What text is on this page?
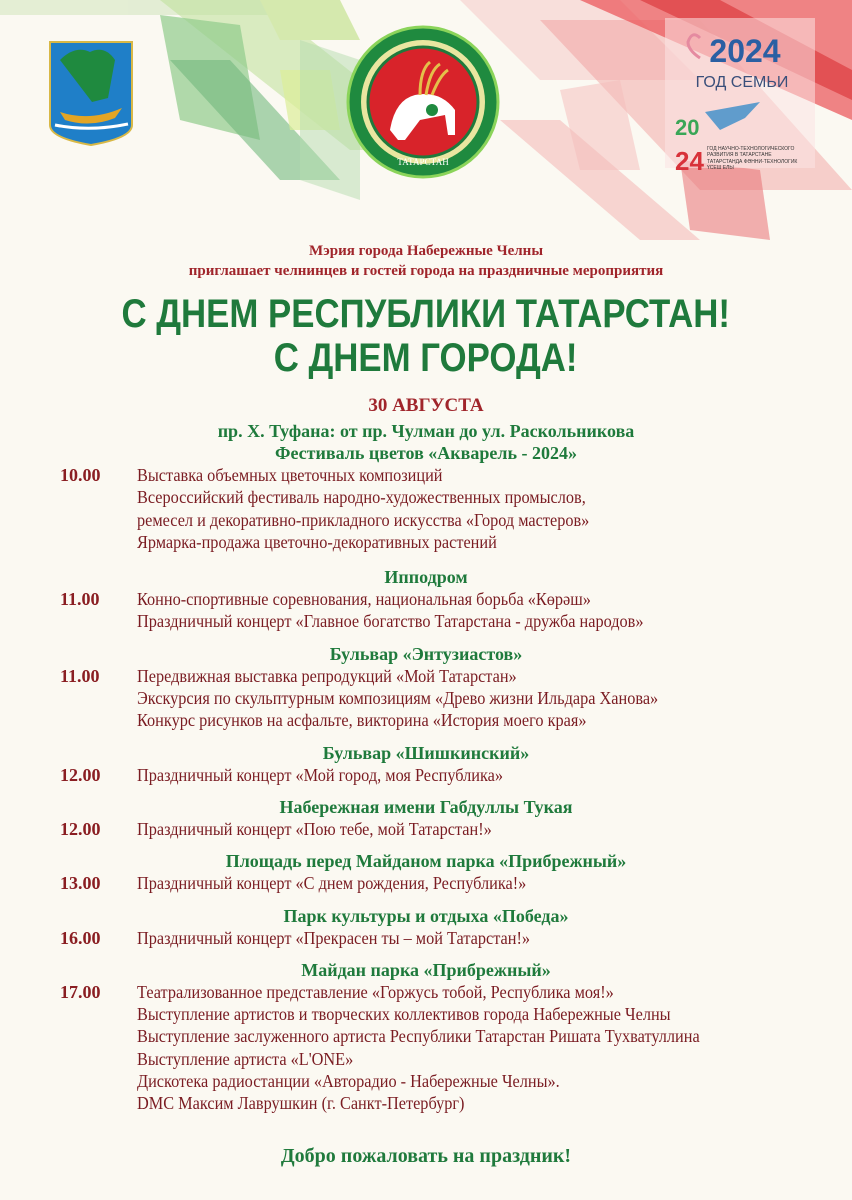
ТАТАРСТАН
2024
ГОД СЕМЬИ
20
24 ГОД НАУЧНО-ТЕХНОЛОГИЧЕСКОГО
РАЗВИТИЯ В ТАТАРСТАНЕ
ТАТАРСТАНДА ФӘННИ-ТЕХНОЛОГИК
ҮСЕШ ЕЛЫ
Мэрия города Набережные Челны
приглашает челнинцев и гостей города на праздничные мероприятия
С ДНЕМ РЕСПУБЛИКИ ТАТАРСТАН!
С ДНЕМ ГОРОДА!
30 АВГУСТА
пр. Х. Туфана: от пр. Чулман до ул. Раскольникова
Фестиваль цветов «Акварель - 2024»
10.00 Выставка объемных цветочных композиций
Всероссийский фестиваль народно-художественных промыслов,
ремесел и декоративно-прикладного искусства «Город мастеров»
Ярмарка-продажа цветочно-декоративных растений
Ипподром
11.00 Конно-спортивные соревнования, национальная борьба «Көрәш»
Праздничный концерт «Главное богатство Татарстана - дружба народов»
Бульвар «Энтузиастов»
11.00 Передвижная выставка репродукций «Мой Татарстан»
Экскурсия по скульптурным композициям «Древо жизни Ильдара Ханова»
Конкурс рисунков на асфальте, викторина «История моего края»
Бульвар «Шишкинский»
12.00 Праздничный концерт «Мой город, моя Республика»
Набережная имени Габдуллы Тукая
12.00 Праздничный концерт «Пою тебе, мой Татарстан!»
Площадь перед Майданом парка «Прибрежный»
13.00 Праздничный концерт «С днем рождения, Республика!»
Парк культуры и отдыха «Победа»
16.00 Праздничный концерт «Прекрасен ты – мой Татарстан!»
Майдан парка «Прибрежный»
17.00 Театрализованное представление «Горжусь тобой, Республика моя!»
Выступление артистов и творческих коллективов города Набережные Челны
Выступление заслуженного артиста Республики Татарстан Ришата Тухватуллина
Выступление артиста «L'ONE»
Дискотека радиостанции «Авторадио - Набережные Челны».
DMC Максим Лаврушкин (г. Санкт-Петербург)
Добро пожаловать на праздник!
